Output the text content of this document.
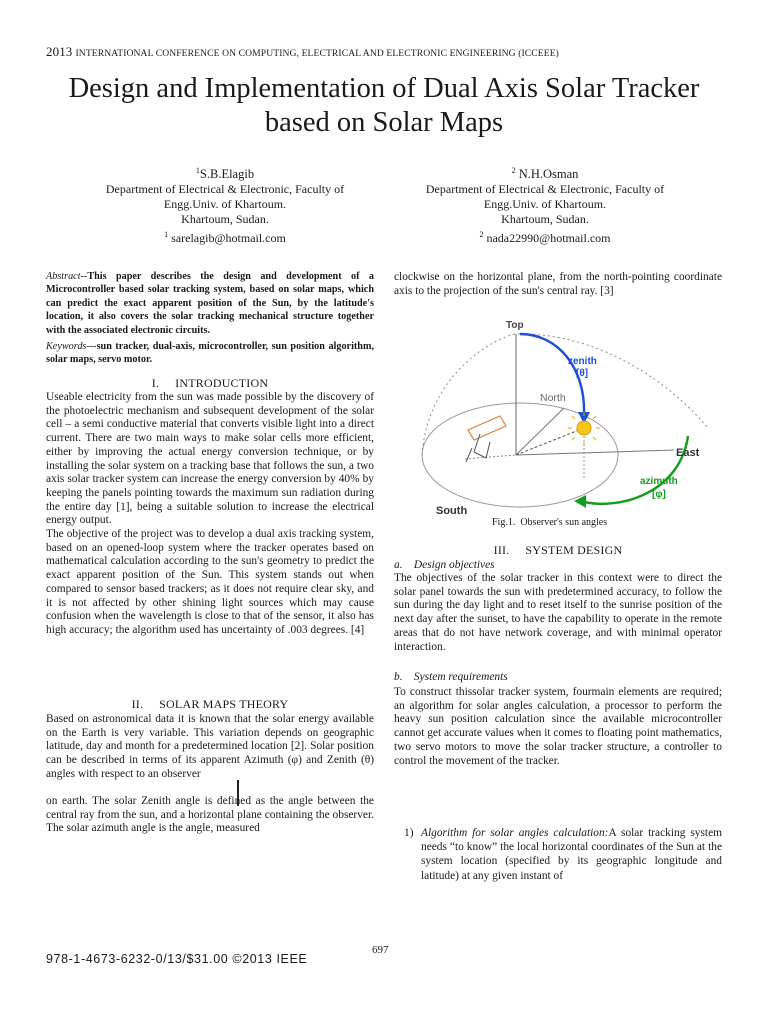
2013 INTERNATIONAL CONFERENCE ON COMPUTING, ELECTRICAL AND ELECTRONIC ENGINEERING (ICCEEE)
Design and Implementation of Dual Axis Solar Tracker
based on Solar Maps
$^1$S.B.Elagib
Department of Electrical & Electronic, Faculty of
Engg.Univ. of Khartoum.
Khartoum, Sudan.
$^1$ sarelagib@hotmail.com
$^2$ N.H.Osman
Department of Electrical & Electronic, Faculty of
Engg.Univ. of Khartoum.
Khartoum, Sudan.
$^2$ nada22990@hotmail.com
Abstract--This paper describes the design and development of a Microcontroller based solar tracking system, based on solar maps, which can predict the exact apparent position of the Sun, by the latitude's location, it also covers the solar tracking mechanical structure together with the associated electronic circuits.
Keywords---sun tracker, dual-axis, microcontroller, sun position algorithm, solar maps, servo motor.
I.     INTRODUCTION

Useable electricity from the sun was made possible by the discovery of the photoelectric mechanism and subsequent development of the solar cell – a semi conductive material that converts visible light into a direct current. There are two main ways to make solar cells more efficient, either by improving the actual energy conversion technique, or by installing the solar system on a tracking base that follows the sun, a two axis solar tracker system can increase the energy conversion by 40% by keeping the panels pointing towards the maximum sun radiation during the entire day [1], being a suitable solution to increase the electrical energy output.

The objective of the project was to develop a dual axis tracking system, based on an opened-loop system where the tracker operates based on mathematical calculation according to the sun's geometry to predict the exact apparent position of the Sun. This system stands out when compared to sensor based trackers; as it does not require clear sky, and it is not affected by other shining light sources which may cause confusion when the wavelength is close to that of the sensor, it also has high accuracy; the algorithm used has uncertainty of .003 degrees. [4]

II.     SOLAR MAPS THEORY
Based on astronomical data it is known that the solar energy available on the Earth is very variable. This variation depends on geographic latitude, day and month for a predetermined location [2]. Solar position can be described in terms of its apparent Azimuth (φ) and Zenith (θ) angles with respect to an observer
on earth. The solar Zenith angle is defined as the angle between the central ray from the sun, and a horizontal plane containing the observer. The solar azimuth angle is the angle, measured
clockwise on the horizontal plane, from the north-pointing coordinate axis to the projection of the sun's central ray. [3]
Top
zenith
[θ]
North
East
South
azimuth
[φ]
Fig.1.  Observer's sun angles
III.     SYSTEM DESIGN
a.    Design objectives
The objectives of the solar tracker in this context were to direct the solar panel towards the sun with predetermined accuracy, to follow the sun during the day light and to reset itself to the sunrise position of the next day after the sunset, to have the capability to operate in the remote areas that do not have network coverage, and with minimal operator interaction.
b.    System requirements
To construct thissolar tracker system, fourmain elements are required; an algorithm for solar angles calculation, a processor to perform the heavy sun position calculation since the available microcontroller cannot get accurate values when it comes to floating point mathematics, two servo motors to move the solar tracker structure, a controller to control the movement of the tracker.
1) Algorithm for solar angles calculation:A solar tracking system needs “to know” the local horizontal coordinates of the Sun at the system location (specified by its geographic longitude and latitude) at any given instant of
697
978-1-4673-6232-0/13/$31.00 ©2013 IEEE
